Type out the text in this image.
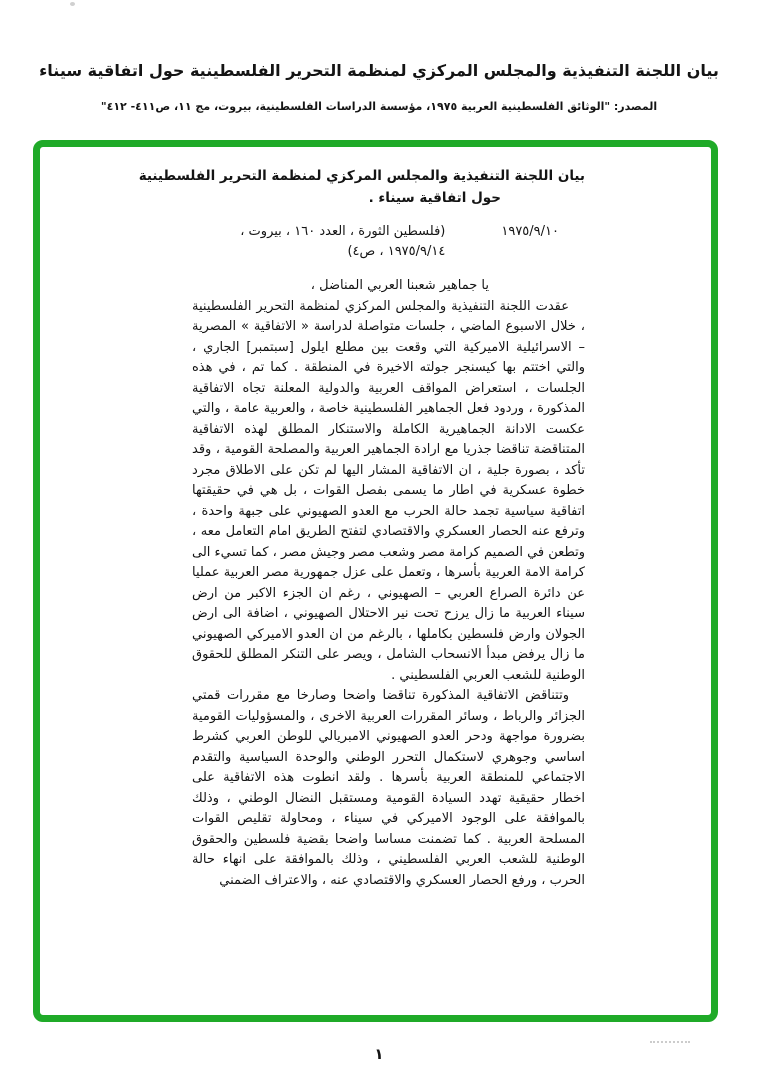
بيان اللجنة التنفيذية والمجلس المركزي لمنظمة التحرير الفلسطينية حول اتفاقية سيناء
المصدر: "الوثائق الفلسطينية العربية ١٩٧٥، مؤسسة الدراسات الفلسطينية، بيروت، مج ١١، ص٤١١- ٤١٢"
بيان اللجنة التنفيذية والمجلس المركزي لمنظمة التحرير الفلسطينية
حول اتفاقية سيناء .
١٩٧٥/٩/١٠
(فلسطين الثورة ، العدد ١٦٠ ، بيروت ،
١٩٧٥/٩/١٤ ، ص٤)

يا جماهير شعبنا العربي المناضل ،

عقدت اللجنة التنفيذية والمجلس المركزي لمنظمة التحرير الفلسطينية ، خلال الاسبوع الماضي ، جلسات متواصلة لدراسة « الاتفاقية » المصرية – الاسرائيلية الاميركية التي وقعت بين مطلع ايلول [سبتمبر] الجاري ، والتي اختتم بها كيسنجر جولته الاخيرة في المنطقة . كما تم ، في هذه الجلسات ، استعراض المواقف العربية والدولية المعلنة تجاه الاتفاقية المذكورة ، وردود فعل الجماهير الفلسطينية خاصة ، والعربية عامة ، والتي عكست الادانة الجماهيرية الكاملة والاستنكار المطلق لهذه الاتفاقية المتناقضة تناقضا جذريا مع ارادة الجماهير العربية والمصلحة القومية ، وقد تأكد ، بصورة جلية ، ان الاتفاقية المشار اليها لم تكن على الاطلاق مجرد خطوة عسكرية في اطار ما يسمى بفصل القوات ، بل هي في حقيقتها اتفاقية سياسية تجمد حالة الحرب مع العدو الصهيوني على جبهة واحدة ، وترفع عنه الحصار العسكري والاقتصادي لتفتح الطريق امام التعامل معه ، وتطعن في الصميم كرامة مصر وشعب مصر وجيش مصر ، كما تسيء الى كرامة الامة العربية بأسرها ، وتعمل على عزل جمهورية مصر العربية عمليا عن دائرة الصراع العربي – الصهيوني ، رغم ان الجزء الاكبر من ارض سيناء العربية ما زال يرزح تحت نير الاحتلال الصهيوني ، اضافة الى ارض الجولان وارض فلسطين بكاملها ، بالرغم من ان العدو الاميركي الصهيوني ما زال يرفض مبدأ الانسحاب الشامل ، ويصر على التنكر المطلق للحقوق الوطنية للشعب العربي الفلسطيني .

وتتناقض الاتفاقية المذكورة تناقضا واضحا وصارخا مع مقررات قمتي الجزائر والرباط ، وسائر المقررات العربية الاخرى ، والمسؤوليات القومية بضرورة مواجهة ودحر العدو الصهيوني الامبريالي للوطن العربي كشرط اساسي وجوهري لاستكمال التحرر الوطني والوحدة السياسية والتقدم الاجتماعي للمنطقة العربية بأسرها . ولقد انطوت هذه الاتفاقية على اخطار حقيقية تهدد السيادة القومية ومستقبل النضال الوطني ، وذلك بالموافقة على الوجود الاميركي في سيناء ، ومحاولة تقليص القوات المسلحة العربية . كما تضمنت مساسا واضحا بقضية فلسطين والحقوق الوطنية للشعب العربي الفلسطيني ، وذلك بالموافقة على انهاء حالة الحرب ، ورفع الحصار العسكري والاقتصادي عنه ، والاعتراف الضمني

١
